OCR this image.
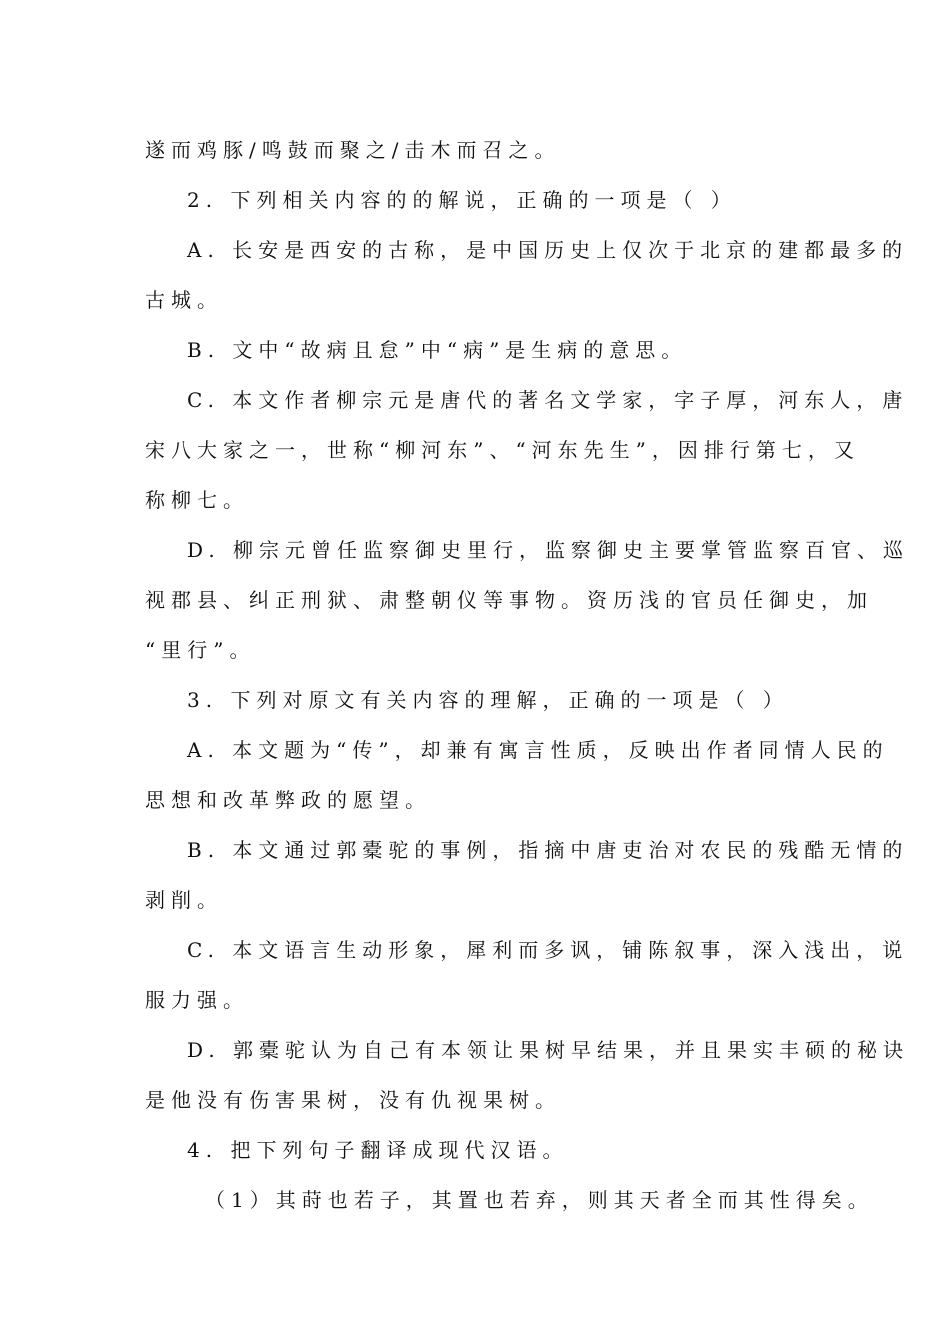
遂而鸡豚/鸣鼓而聚之/击木而召之。
2. 下列相关内容的的解说，正确的一项是（ ）
A. 长安是西安的古称，是中国历史上仅次于北京的建都最多的
古城。
B. 文中“故病且怠”中“病”是生病的意思。
C. 本文作者柳宗元是唐代的著名文学家，字子厚，河东人，唐
宋八大家之一，世称“柳河东”、“河东先生”，因排行第七，又
称柳七。
D. 柳宗元曾任监察御史里行，监察御史主要掌管监察百官、巡
视郡县、纠正刑狱、肃整朝仪等事物。资历浅的官员任御史，加
“里行”。
3. 下列对原文有关内容的理解，正确的一项是（ ）
A. 本文题为“传”，却兼有寓言性质，反映出作者同情人民的
思想和改革弊政的愿望。
B. 本文通过郭橐驼的事例，指摘中唐吏治对农民的残酷无情的
剥削。
C. 本文语言生动形象，犀利而多讽，铺陈叙事，深入浅出，说
服力强。
D. 郭橐驼认为自己有本领让果树早结果，并且果实丰硕的秘诀
是他没有伤害果树，没有仇视果树。
4. 把下列句子翻译成现代汉语。
（1）其莳也若子，其置也若弃，则其天者全而其性得矣。
